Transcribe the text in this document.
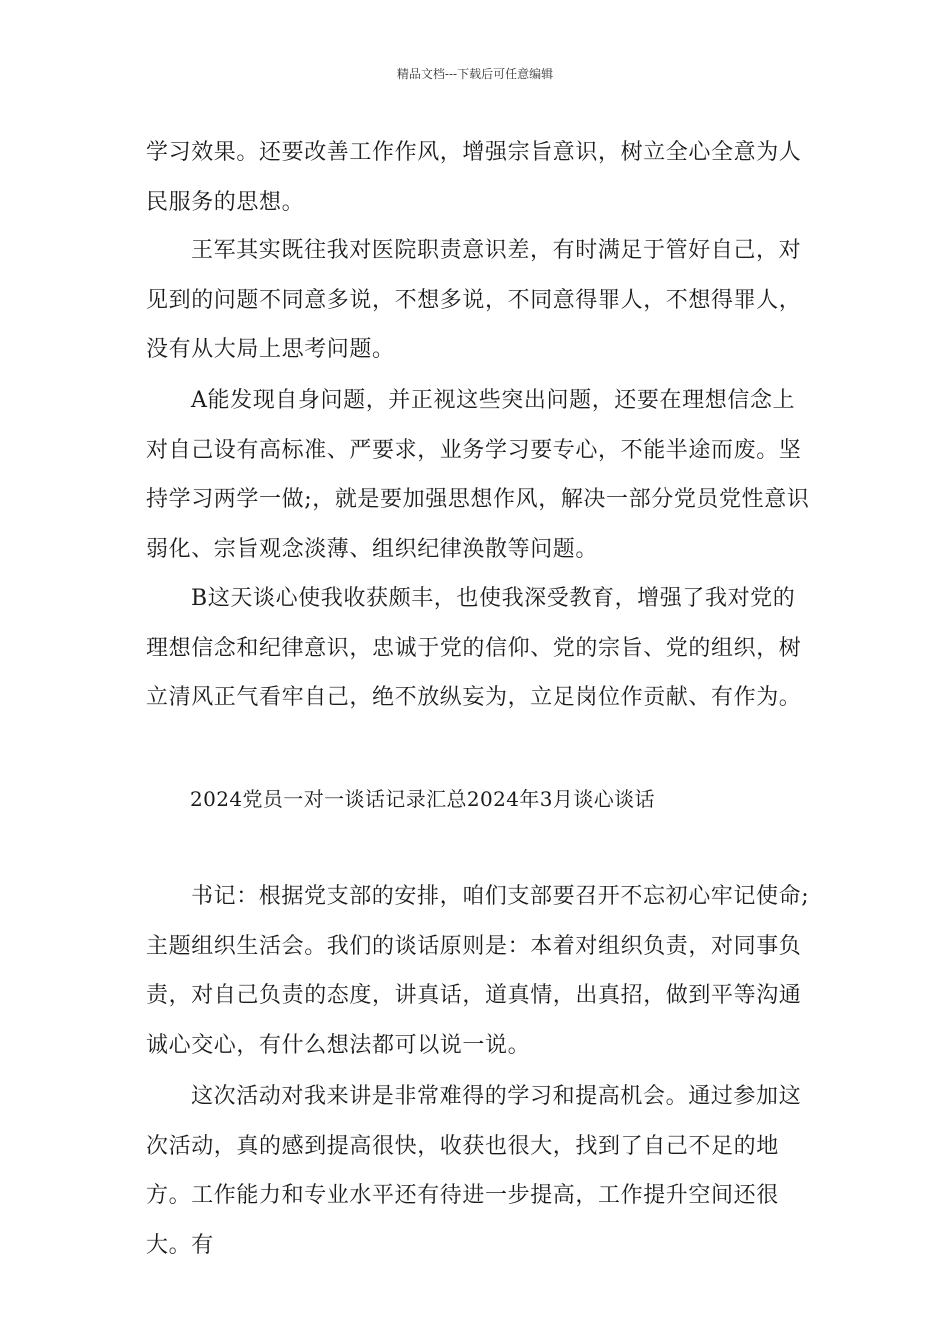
精品文档---下载后可任意编辑

学习效果。还要改善工作作风，增强宗旨意识，树立全心全意为人民服务的思想。

王军其实既往我对医院职责意识差，有时满足于管好自己，对见到的问题不同意多说，不想多说，不同意得罪人，不想得罪人，没有从大局上思考问题。

A能发现自身问题，并正视这些突出问题，还要在理想信念上对自己设有高标准、严要求，业务学习要专心，不能半途而废。坚持学习两学一做;，就是要加强思想作风，解决一部分党员党性意识弱化、宗旨观念淡薄、组织纪律涣散等问题。

B这天谈心使我收获颇丰，也使我深受教育，增强了我对党的理想信念和纪律意识，忠诚于党的信仰、党的宗旨、党的组织，树立清风正气看牢自己，绝不放纵妄为，立足岗位作贡献、有作为。

2024党员一对一谈话记录汇总2024年3月谈心谈话

书记：根据党支部的安排，咱们支部要召开不忘初心牢记使命;主题组织生活会。我们的谈话原则是：本着对组织负责，对同事负责，对自己负责的态度，讲真话，道真情，出真招，做到平等沟通诚心交心，有什么想法都可以说一说。

这次活动对我来讲是非常难得的学习和提高机会。通过参加这次活动，真的感到提高很快，收获也很大，找到了自己不足的地方。工作能力和专业水平还有待进一步提高，工作提升空间还很大。有
